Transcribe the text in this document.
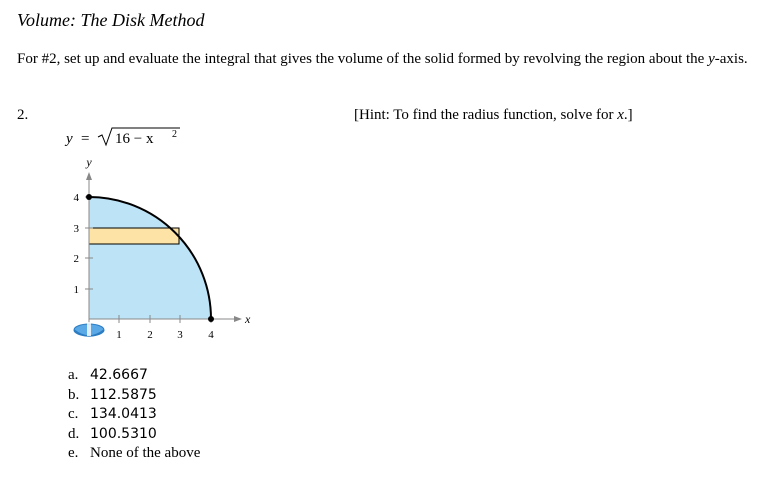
Volume: The Disk Method
For #2, set up and evaluate the integral that gives the volume of the solid formed by revolving the region about the y-axis.
2.	[Hint: To find the radius function, solve for x.]
y = 16 − x 2
1
2
3
4
1 2 3 4
y
x
a. 42.6667
b. 112.5875
c. 134.0413
d. 100.5310
e. None of the above
